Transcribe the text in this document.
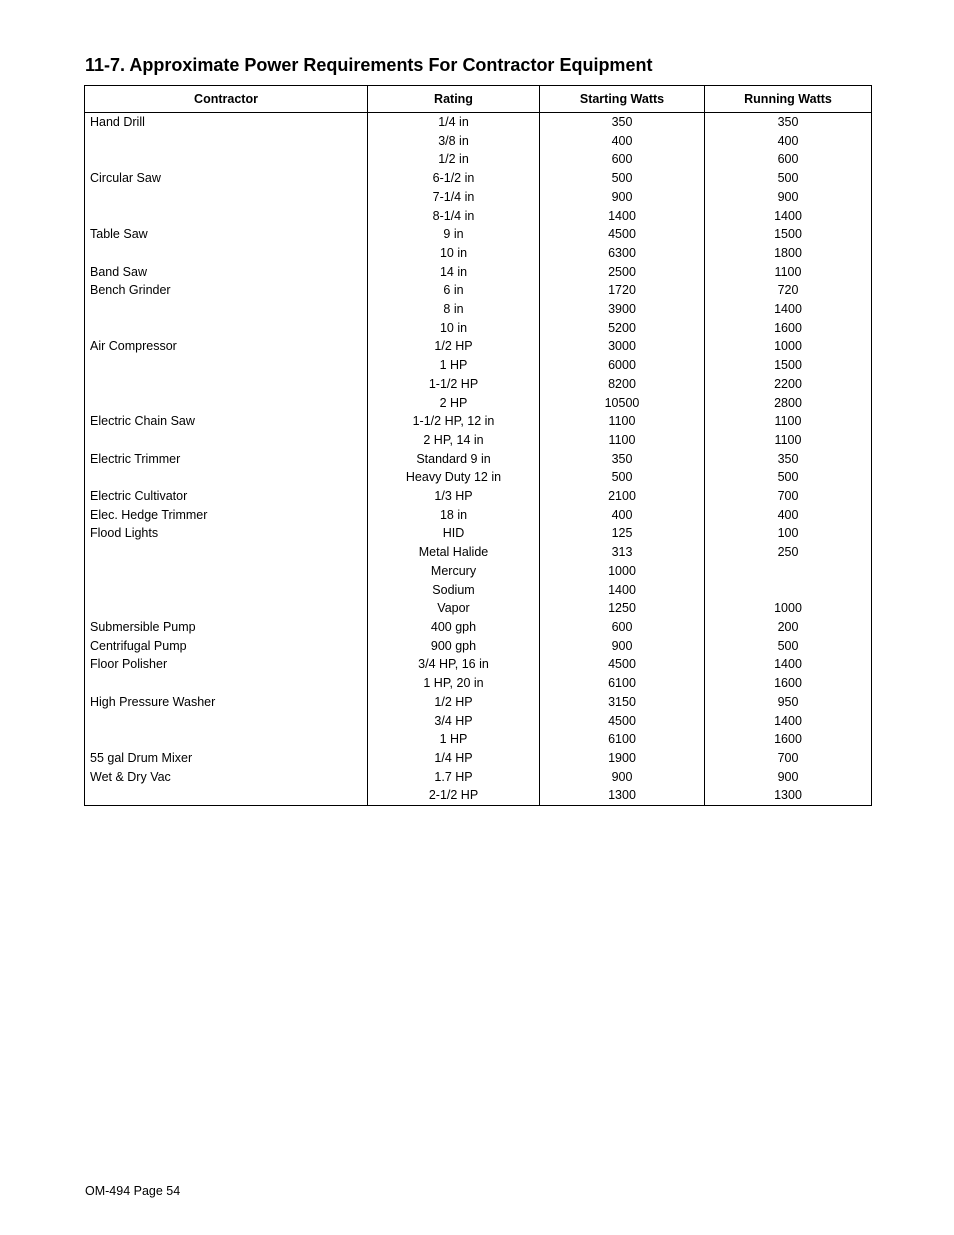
11-7. Approximate Power Requirements For Contractor Equipment
Contractor	Rating	Starting Watts	Running Watts
Hand Drill	1/4 in	350	350
	3/8 in	400	400
	1/2 in	600	600
Circular Saw	6-1/2 in	500	500
	7-1/4 in	900	900
	8-1/4 in	1400	1400
Table Saw	9 in	4500	1500
	10 in	6300	1800
Band Saw	14 in	2500	1100
Bench Grinder	6 in	1720	720
	8 in	3900	1400
	10 in	5200	1600
Air Compressor	1/2 HP	3000	1000
	1 HP	6000	1500
	1-1/2 HP	8200	2200
	2 HP	10500	2800
Electric Chain Saw	1-1/2 HP, 12 in	1100	1100
	2 HP, 14 in	1100	1100
Electric Trimmer	Standard 9 in	350	350
	Heavy Duty 12 in	500	500
Electric Cultivator	1/3 HP	2100	700
Elec. Hedge Trimmer	18 in	400	400
Flood Lights	HID	125	100
	Metal Halide	313	250
	Mercury	1000	
	Sodium	1400	
	Vapor	1250	1000
Submersible Pump	400 gph	600	200
Centrifugal Pump	900 gph	900	500
Floor Polisher	3/4 HP, 16 in	4500	1400
	1 HP, 20 in	6100	1600
High Pressure Washer	1/2 HP	3150	950
	3/4 HP	4500	1400
	1 HP	6100	1600
55 gal Drum Mixer	1/4 HP	1900	700
Wet & Dry Vac	1.7 HP	900	900
	2-1/2 HP	1300	1300
OM-494 Page 54
